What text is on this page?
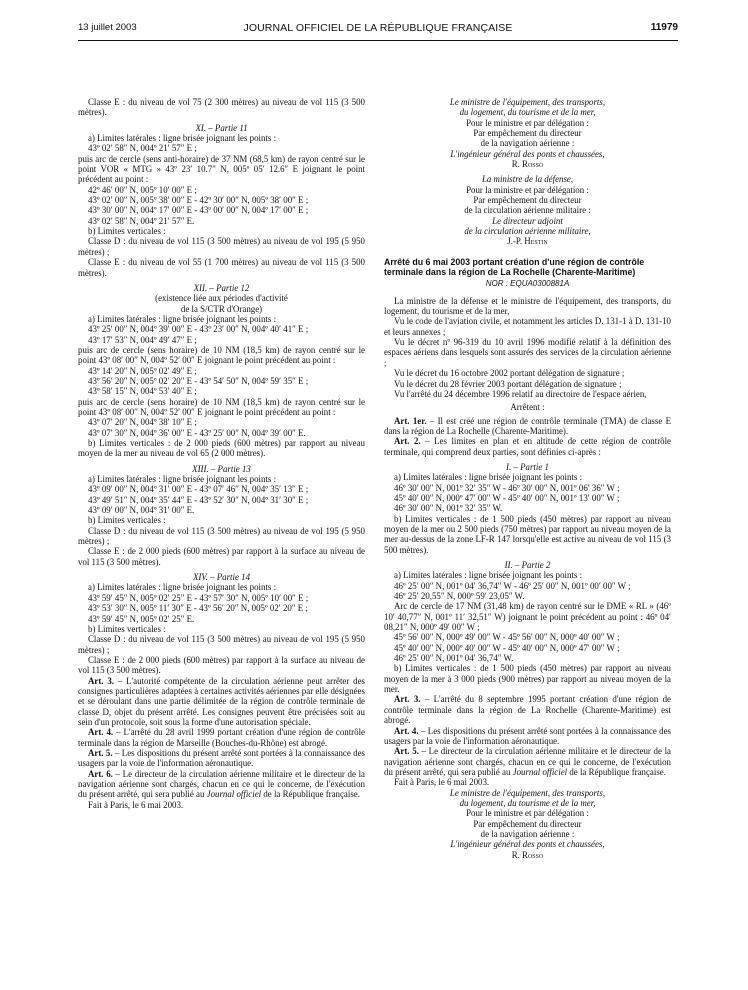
13 juillet 2003	JOURNAL OFFICIEL DE LA RÉPUBLIQUE FRANÇAISE	11979

Classe E : du niveau de vol 75 (2 300 mètres) au niveau de vol 115 (3 500 mètres).

XI. – Partie 11

a) Limites latérales : ligne brisée joignant les points :

43º 02′ 58″ N, 004º 21′ 57″ E ;

puis arc de cercle (sens anti-horaire) de 37 NM (68,5 km) de rayon centré sur le point VOR « MTG » 43º 23′ 10.7″ N, 005º 05′ 12.6″ E joignant le point précédent au point :

42º 46′ 00″ N, 005º 10′ 00″ E ;

43º 02′ 00″ N, 005º 38′ 00″ E - 42º 30′ 00″ N, 005º 38′ 00″ E ;

43º 30′ 00″ N, 004º 17′ 00″ E - 43º 00′ 00″ N, 004º 17′ 00″ E ;

43º 02′ 58″ N, 004º 21′ 57″ E.

b) Limites verticales :

Classe D : du niveau de vol 115 (3 500 mètres) au niveau de vol 195 (5 950 mètres) ;

Classe E : du niveau de vol 55 (1 700 mètres) au niveau de vol 115 (3 500 mètres).

XII. – Partie 12

(existence liée aux périodes d'activité

de la S/CTR d'Orange)

a) Limites latérales : ligne brisée joignant les points :

43º 25′ 00″ N, 004º 39′ 00″ E - 43º 23′ 00″ N, 004º 40′ 41″ E ;

43º 17′ 53″ N, 004º 49′ 47″ E ;

puis arc de cercle (sens horaire) de 10 NM (18,5 km) de rayon centré sur le point 43º 08′ 00″ N, 004º 52′ 00″ E joignant le point précédent au point :

43º 14′ 20″ N, 005º 02′ 49″ E ;

43º 56′ 20″ N, 005º 02′ 20″ E - 43º 54′ 50″ N, 004º 59′ 35″ E ;

43º 58′ 15″ N, 004º 53′ 40″ E ;

puis arc de cercle (sens horaire) de 10 NM (18,5 km) de rayon centré sur le point 43º 08′ 00″ N, 004º 52′ 00″ E joignant le point précédent au point :

43º 07′ 20″ N, 004º 38′ 10″ E ;

43º 07′ 30″ N, 004º 36′ 00″ E - 43º 25′ 00″ N, 004º 39′ 00″ E.

b) Limites verticales : de 2 000 pieds (600 mètres) par rapport au niveau moyen de la mer au niveau de vol 65 (2 000 mètres).

XIII. – Partie 13

a) Limites latérales : ligne brisée joignant les points :

43º 09′ 00″ N, 004º 31′ 00″ E - 43º 07′ 46″ N, 004º 35′ 13″ E ;

43º 49′ 51″ N, 004º 35′ 44″ E - 43º 52′ 30″ N, 004º 31′ 30″ E ;

43º 09′ 00″ N, 004º 31′ 00″ E.

b) Limites verticales :

Classe D : du niveau de vol 115 (3 500 mètres) au niveau de vol 195 (5 950 mètres) ;

Classe E : de 2 000 pieds (600 mètres) par rapport à la surface au niveau de vol 115 (3 500 mètres).

XIV. – Partie 14

a) Limites latérales : ligne brisée joignant les points :

43º 59′ 45″ N, 005º 02′ 25″ E - 43º 57′ 30″ N, 005º 10′ 00″ E ;

43º 53′ 30″ N, 005º 11′ 30″ E - 43º 56′ 20″ N, 005º 02′ 20″ E ;

43º 59′ 45″ N, 005º 02′ 25″ E.

b) Limites verticales :

Classe D : du niveau de vol 115 (3 500 mètres) au niveau de vol 195 (5 950 mètres) ;

Classe E : de 2 000 pieds (600 mètres) par rapport à la surface au niveau de vol 115 (3 500 mètres).

Art. 3. – L'autorité compétente de la circulation aérienne peut arrêter des consignes particulières adaptées à certaines activités aériennes par elle désignées et se déroulant dans une partie délimitée de la région de contrôle terminale de classe D, objet du présent arrêté. Les consignes peuvent être précisées soit au sein d'un protocole, soit sous la forme d'une autorisation spéciale.

Art. 4. – L'arrêté du 28 avril 1999 portant création d'une région de contrôle terminale dans la région de Marseille (Bouches-du-Rhône) est abrogé.

Art. 5. – Les dispositions du présent arrêté sont portées à la connaissance des usagers par la voie de l'information aéronautique.

Art. 6. – Le directeur de la circulation aérienne militaire et le directeur de la navigation aérienne sont chargés, chacun en ce qui le concerne, de l'exécution du présent arrêté, qui sera publié au Journal officiel de la République française.

Fait à Paris, le 6 mai 2003.

Le ministre de l'équipement, des transports,

du logement, du tourisme et de la mer,

Pour le ministre et par délégation :

Par empêchement du directeur

de la navigation aérienne :

L'ingénieur général des ponts et chaussées,

R. Rosso

La ministre de la défense,

Pour la ministre et par délégation :

Par empêchement du directeur

de la circulation aérienne militaire :

Le directeur adjoint

de la circulation aérienne militaire,

J.-P. Hestin

Arrêté du 6 mai 2003 portant création d'une région de contrôle terminale dans la région de La Rochelle (Charente-Maritime)

NOR : EQUA0300881A

La ministre de la défense et le ministre de l'équipement, des transports, du logement, du tourisme et de la mer,

Vu le code de l'aviation civile, et notamment les articles D. 131-1 à D. 131-10 et leurs annexes ;

Vu le décret nº 96-319 du 10 avril 1996 modifié relatif à la définition des espaces aériens dans lesquels sont assurés des services de la circulation aérienne ;

Vu le décret du 16 octobre 2002 portant délégation de signature ;

Vu le décret du 28 février 2003 portant délégation de signature ;

Vu l'arrêté du 24 décembre 1996 relatif au directoire de l'espace aérien,

Arrêtent :

Art. 1er. – Il est créé une région de contrôle terminale (TMA) de classe E dans la région de La Rochelle (Charente-Maritime).

Art. 2. – Les limites en plan et en altitude de cette région de contrôle terminale, qui comprend deux parties, sont définies ci-après :

I. – Partie 1

a) Limites latérales : ligne brisée joignant les points :

46º 30′ 00″ N, 001º 32′ 35″ W - 46º 30′ 00″ N, 001º 06′ 36″ W ;

45º 40′ 00″ N, 000º 47′ 00″ W - 45º 40′ 00″ N, 001º 13′ 00″ W ;

46º 30′ 00″ N, 001º 32′ 35″ W.

b) Limites verticales : de 1 500 pieds (450 mètres) par rapport au niveau moyen de la mer ou 2 500 pieds (750 mètres) par rapport au niveau moyen de la mer au-dessus de la zone LF-R 147 lorsqu'elle est active au niveau de vol 115 (3 500 mètres).

II. – Partie 2

a) Limites latérales : ligne brisée joignant les points :

46º 25′ 00″ N, 001º 04′ 36,74″ W - 46º 25′ 00″ N, 001º 00′ 00″ W ;

46º 25′ 20,55″ N, 000º 59′ 23,05″ W.

Arc de cercle de 17 NM (31,48 km) de rayon centré sur le DME « RL » (46º 10′ 40,77″ N, 001º 11′ 32,51″ W) joignant le point précédent au point : 46º 04′ 08,21″ N, 000º 49′ 00″ W ;

45º 56′ 00″ N, 000º 49′ 00″ W - 45º 56′ 00″ N, 000º 40′ 00″ W ;

45º 40′ 00″ N, 000º 40′ 00″ W - 45º 40′ 00″ N, 000º 47′ 00″ W ;

46º 25′ 00″ N, 001º 04′ 36,74″ W.

b) Limites verticales : de 1 500 pieds (450 mètres) par rapport au niveau moyen de la mer à 3 000 pieds (900 mètres) par rapport au niveau moyen de la mer.

Art. 3. – L'arrêté du 8 septembre 1995 portant création d'une région de contrôle terminale dans la région de La Rochelle (Charente-Maritime) est abrogé.

Art. 4. – Les dispositions du présent arrêté sont portées à la connaissance des usagers par la voie de l'information aéronautique.

Art. 5. – Le directeur de la circulation aérienne militaire et le directeur de la navigation aérienne sont chargés, chacun en ce qui le concerne, de l'exécution du présent arrêté, qui sera publié au Journal officiel de la République française.

Fait à Paris, le 6 mai 2003.

Le ministre de l'équipement, des transports,

du logement, du tourisme et de la mer,

Pour le ministre et par délégation :

Par empêchement du directeur

de la navigation aérienne :

L'ingénieur général des ponts et chaussées,

R. Rosso
